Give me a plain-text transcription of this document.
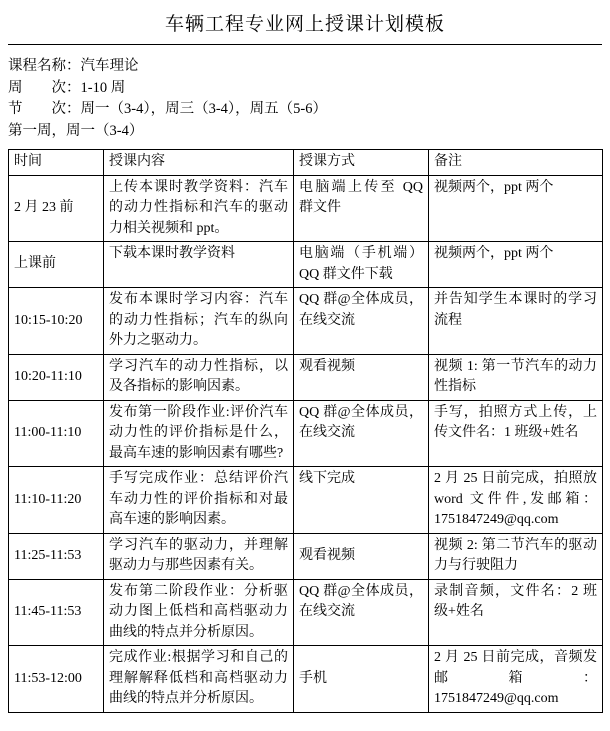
车辆工程专业网上授课计划模板
课程名称：汽车理论
周　　次：1-10 周
节　　次：周一（3-4），周三（3-4），周五（5-6）
第一周，周一（3-4）
时间	授课内容	授课方式	备注
2 月 23 前	上传本课时教学资料：汽车的动力性指标和汽车的驱动力相关视频和 ppt。	电脑端上传至 QQ 群文件	视频两个，ppt 两个
上课前	下载本课时教学资料	电脑端（手机端）QQ 群文件下载	视频两个，ppt 两个
10:15-10:20	发布本课时学习内容：汽车的动力性指标；汽车的纵向外力之驱动力。	QQ 群@全体成员，在线交流	并告知学生本课时的学习流程
10:20-11:10	学习汽车的动力性指标，以及各指标的影响因素。	观看视频	视频 1: 第一节汽车的动力性指标
11:00-11:10	发布第一阶段作业:评价汽车动力性的评价指标是什么，最高车速的影响因素有哪些?	QQ 群@全体成员，在线交流	手写，拍照方式上传，上传文件名：1 班级+姓名
11:10-11:20	手写完成作业：总结评价汽车动力性的评价指标和对最高车速的影响因素。	线下完成	2 月 25 日前完成，拍照放 word 文件件,发邮箱：1751847249@qq.com
11:25-11:53	学习汽车的驱动力，并理解驱动力与那些因素有关。	观看视频	视频 2: 第二节汽车的驱动力与行驶阻力
11:45-11:53	发布第二阶段作业：分析驱动力图上低档和高档驱动力曲线的特点并分析原因。	QQ 群@全体成员，在线交流	录制音频，文件名：2 班级+姓名
11:53-12:00	完成作业:根据学习和自己的理解解释低档和高档驱动力曲线的特点并分析原因。	手机	2 月 25 日前完成，音频发邮箱：1751847249@qq.com
